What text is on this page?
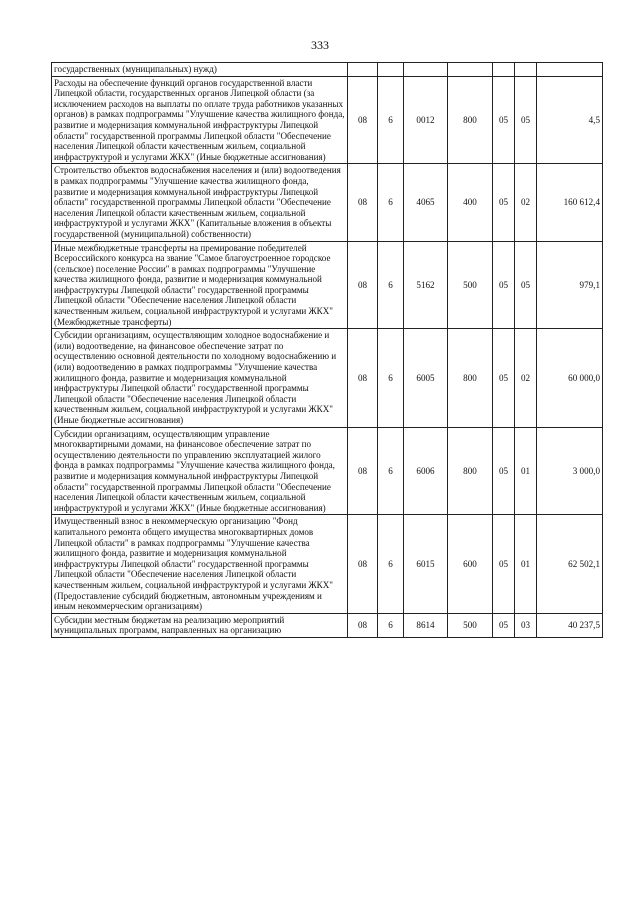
333
государственных (муниципальных) нужд)							
Расходы на обеспечение функций органов государственной власти Липецкой области, государственных органов Липецкой области (за исключением расходов на выплаты по оплате труда работников указанных органов) в рамках подпрограммы "Улучшение качества жилищного фонда, развитие и модернизация коммунальной инфраструктуры Липецкой области" государственной программы Липецкой области "Обеспечение населения Липецкой области качественным жильем, социальной инфраструктурой и услугами ЖКХ" (Иные бюджетные ассигнования)	08	6	0012	800	05	05	4,5
Строительство объектов водоснабжения населения и (или) водоотведения в рамках подпрограммы "Улучшение качества жилищного фонда, развитие и модернизация коммунальной инфраструктуры Липецкой области" государственной программы Липецкой области "Обеспечение населения Липецкой области качественным жильем, социальной инфраструктурой и услугами ЖКХ" (Капитальные вложения в объекты государственной (муниципальной) собственности)	08	6	4065	400	05	02	160 612,4
Иные межбюджетные трансферты на премирование победителей Всероссийского конкурса на звание "Самое благоустроенное городское (сельское) поселение России" в рамках подпрограммы "Улучшение качества жилищного фонда, развитие и модернизация коммунальной инфраструктуры Липецкой области" государственной программы Липецкой области "Обеспечение населения Липецкой области качественным жильем, социальной инфраструктурой и услугами ЖКХ" (Межбюджетные трансферты)	08	6	5162	500	05	05	979,1
Субсидии организациям, осуществляющим холодное водоснабжение и (или) водоотведение, на финансовое обеспечение затрат по осуществлению основной деятельности по холодному водоснабжению и (или) водоотведению в рамках подпрограммы "Улучшение качества жилищного фонда, развитие и модернизация коммунальной инфраструктуры Липецкой области" государственной программы Липецкой области "Обеспечение населения Липецкой области качественным жильем, социальной инфраструктурой и услугами ЖКХ" (Иные бюджетные ассигнования)	08	6	6005	800	05	02	60 000,0
Субсидии организациям, осуществляющим управление многоквартирными домами, на финансовое обеспечение затрат по осуществлению деятельности по управлению эксплуатацией жилого фонда в рамках подпрограммы "Улучшение качества жилищного фонда, развитие и модернизация коммунальной инфраструктуры Липецкой области" государственной программы Липецкой области "Обеспечение населения Липецкой области качественным жильем, социальной инфраструктурой и услугами ЖКХ" (Иные бюджетные ассигнования)	08	6	6006	800	05	01	3 000,0
Имущественный взнос в некоммерческую организацию "Фонд капитального ремонта общего имущества многоквартирных домов Липецкой области" в рамках подпрограммы "Улучшение качества жилищного фонда, развитие и модернизация коммунальной инфраструктуры Липецкой области" государственной программы Липецкой области "Обеспечение населения Липецкой области качественным жильем, социальной инфраструктурой и услугами ЖКХ" (Предоставление субсидий бюджетным, автономным учреждениям и иным некоммерческим организациям)	08	6	6015	600	05	01	62 502,1
Субсидии местным бюджетам на реализацию мероприятий муниципальных программ, направленных на организацию	08	6	8614	500	05	03	40 237,5
